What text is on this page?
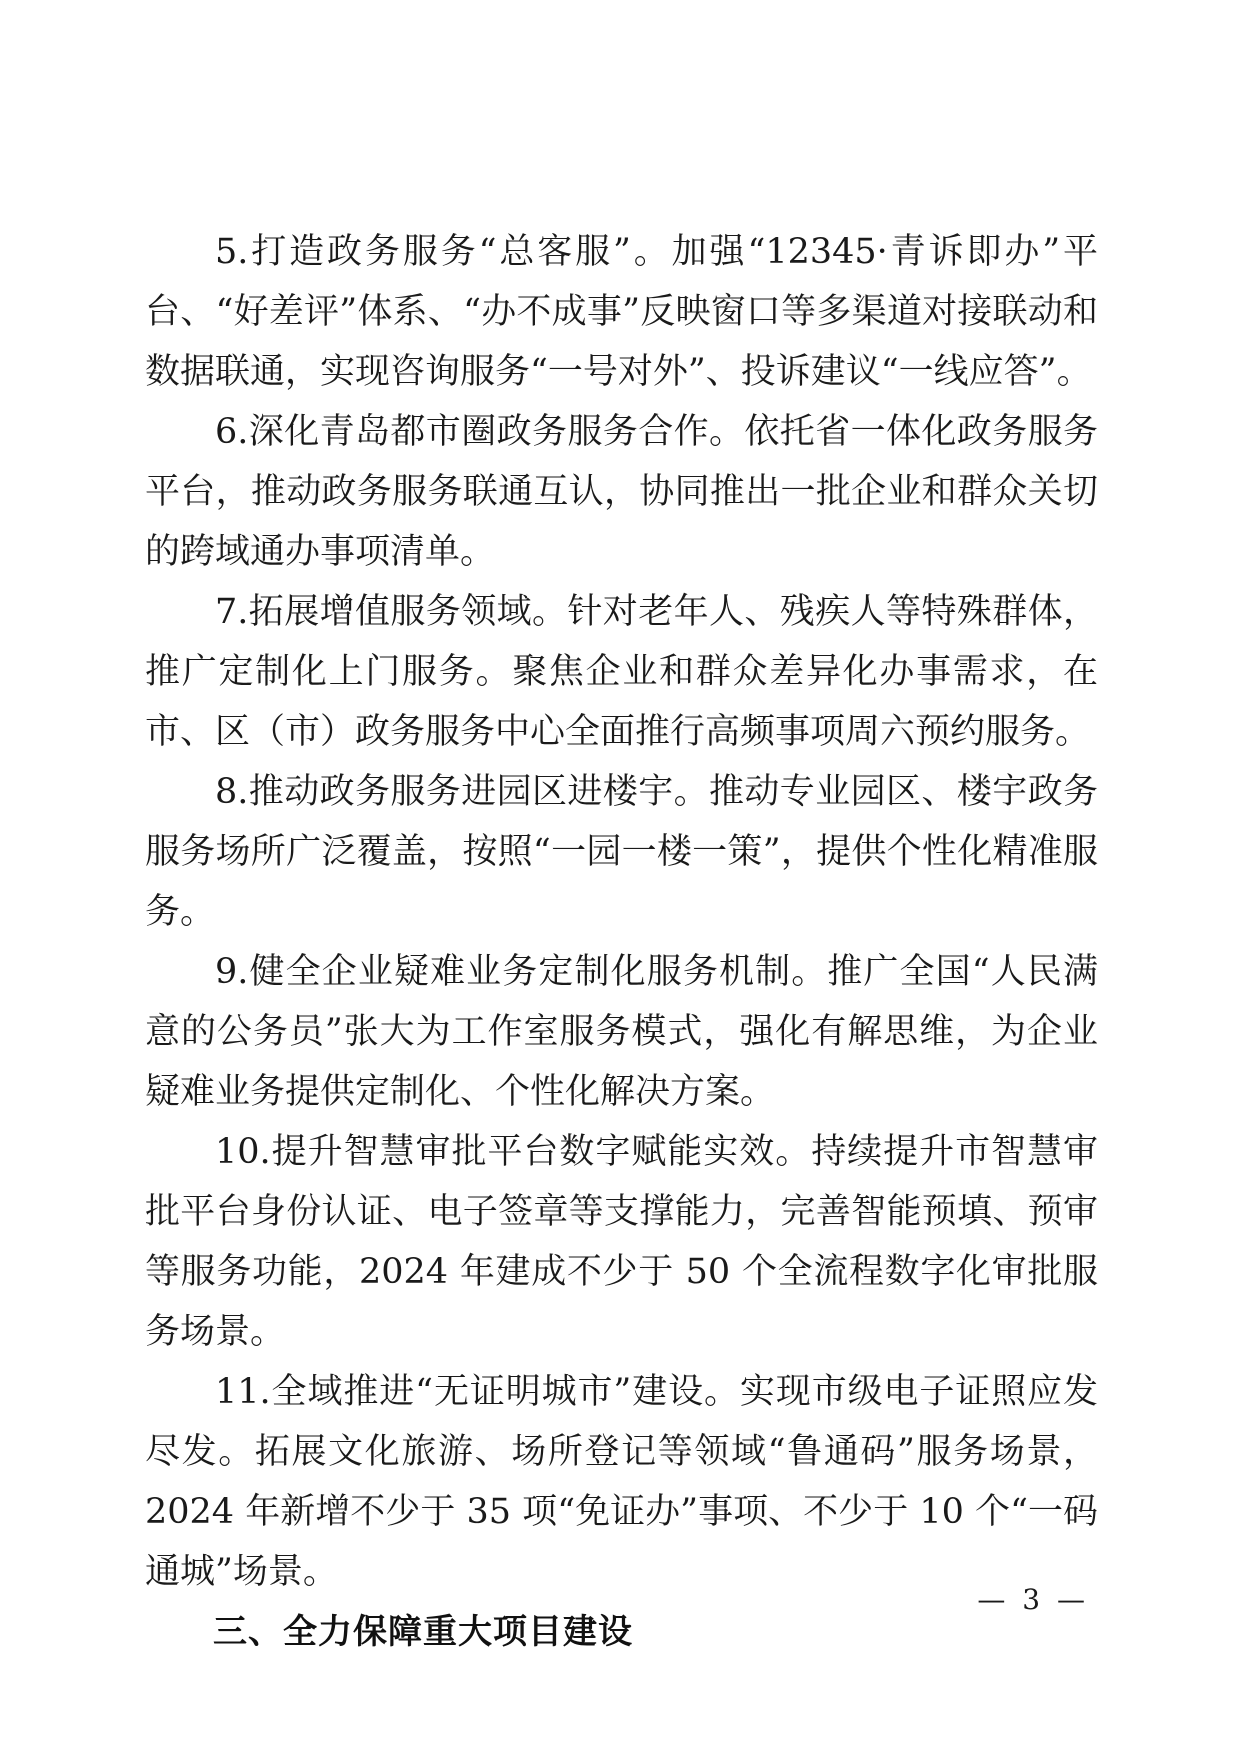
5.打造政务服务“总客服”。加强“12345·青诉即办”平台、“好差评”体系、“办不成事”反映窗口等多渠道对接联动和数据联通，实现咨询服务“一号对外”、投诉建议“一线应答”。

6.深化青岛都市圈政务服务合作。依托省一体化政务服务平台，推动政务服务联通互认，协同推出一批企业和群众关切的跨域通办事项清单。

7.拓展增值服务领域。针对老年人、残疾人等特殊群体，推广定制化上门服务。聚焦企业和群众差异化办事需求，在市、区（市）政务服务中心全面推行高频事项周六预约服务。

8.推动政务服务进园区进楼宇。推动专业园区、楼宇政务服务场所广泛覆盖，按照“一园一楼一策”，提供个性化精准服务。

9.健全企业疑难业务定制化服务机制。推广全国“人民满意的公务员”张大为工作室服务模式，强化有解思维，为企业疑难业务提供定制化、个性化解决方案。

10.提升智慧审批平台数字赋能实效。持续提升市智慧审批平台身份认证、电子签章等支撑能力，完善智能预填、预审等服务功能，2024 年建成不少于 50 个全流程数字化审批服务场景。

11.全域推进“无证明城市”建设。实现市级电子证照应发尽发。拓展文化旅游、场所登记等领域“鲁通码”服务场景，2024 年新增不少于 35 项“免证办”事项、不少于 10 个“一码通城”场景。

三、全力保障重大项目建设
— 3 —
